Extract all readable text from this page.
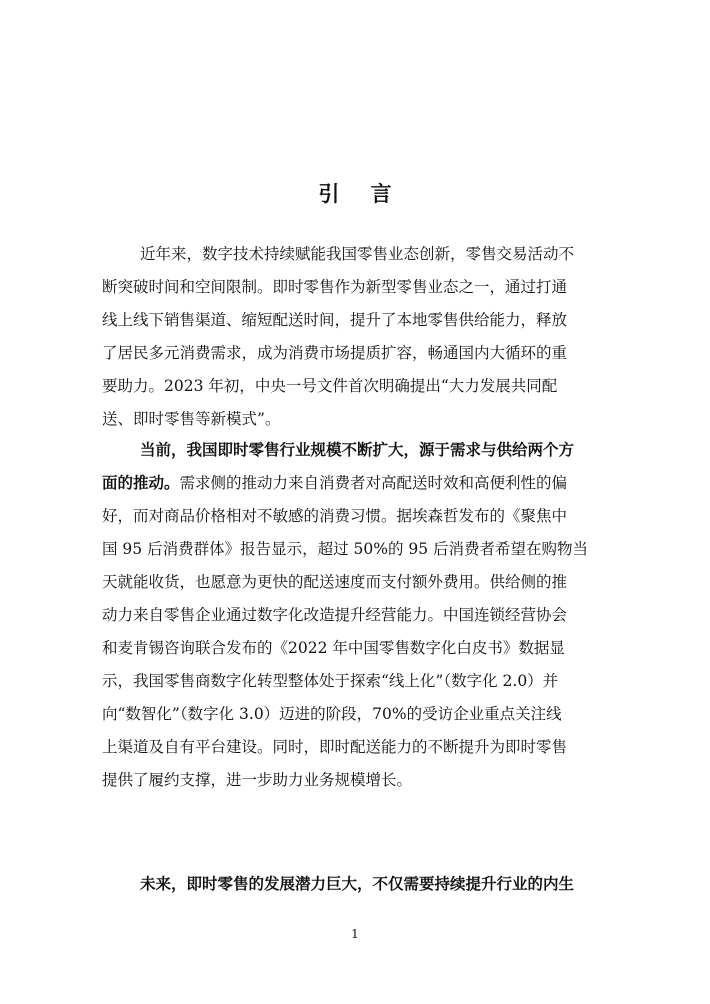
引 言
近年来，数字技术持续赋能我国零售业态创新，零售交易活动不
断突破时间和空间限制。即时零售作为新型零售业态之一，通过打通
线上线下销售渠道、缩短配送时间，提升了本地零售供给能力，释放
了居民多元消费需求，成为消费市场提质扩容，畅通国内大循环的重
要助力。2023 年初，中央一号文件首次明确提出“大力发展共同配
送、即时零售等新模式”。
当前，我国即时零售行业规模不断扩大，源于需求与供给两个方
面的推动。需求侧的推动力来自消费者对高配送时效和高便利性的偏
好，而对商品价格相对不敏感的消费习惯。据埃森哲发布的《聚焦中
国 95 后消费群体》报告显示，超过 50%的 95 后消费者希望在购物当
天就能收货，也愿意为更快的配送速度而支付额外费用。供给侧的推
动力来自零售企业通过数字化改造提升经营能力。中国连锁经营协会
和麦肯锡咨询联合发布的《2022 年中国零售数字化白皮书》数据显
示，我国零售商数字化转型整体处于探索“线上化”（数字化 2.0）并
向“数智化”（数字化 3.0）迈进的阶段，70%的受访企业重点关注线
上渠道及自有平台建设。同时，即时配送能力的不断提升为即时零售
提供了履约支撑，进一步助力业务规模增长。
未来，即时零售的发展潜力巨大，不仅需要持续提升行业的内生
1
